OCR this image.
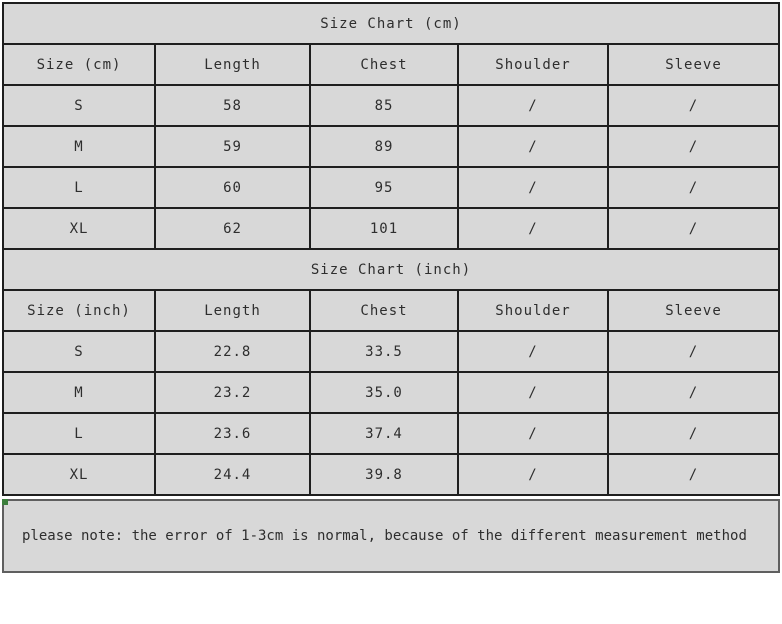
Size Chart (cm)				
Size (cm)	Length	Chest	Shoulder	Sleeve
S	58	85	/	/
M	59	89	/	/
L	60	95	/	/
XL	62	101	/	/
Size Chart (inch)				
Size (inch)	Length	Chest	Shoulder	Sleeve
S	22.8	33.5	/	/
M	23.2	35.0	/	/
L	23.6	37.4	/	/
XL	24.4	39.8	/	/

please note: the error of 1-3cm is normal, because of the different measurement method
